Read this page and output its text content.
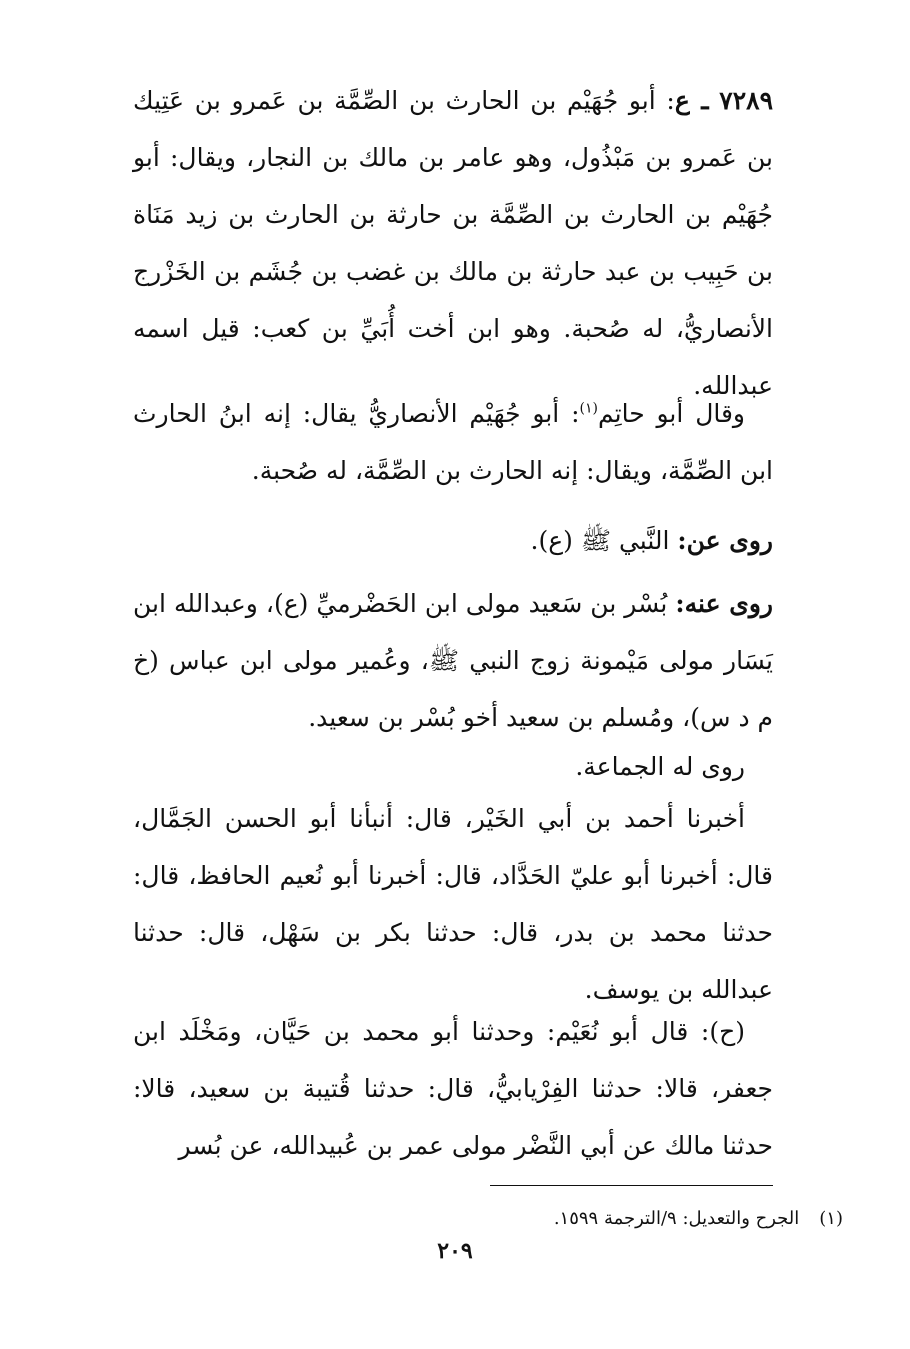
٧٢٨٩ ـ ع: أبو جُهَيْم بن الحارث بن الصِّمَّة بن عَمرو بن عَتِيك بن عَمرو بن مَبْذُول، وهو عامر بن مالك بن النجار، ويقال: أبو جُهَيْم بن الحارث بن الصِّمَّة بن حارثة بن الحارث بن زيد مَنَاة بن حَبِيب بن عبد حارثة بن مالك بن غضب بن جُشَم بن الخَزْرج الأنصاريُّ، له صُحبة. وهو ابن أخت أُبَيِّ بن كعب: قيل اسمه عبدالله.

وقال أبو حاتِم$^{(١)}$: أبو جُهَيْم الأنصاريُّ يقال: إنه ابنُ الحارث ابن الصِّمَّة، ويقال: إنه الحارث بن الصِّمَّة، له صُحبة.

روى عن: النَّبي ﷺ (ع).

روى عنه: بُسْر بن سَعيد مولى ابن الحَضْرميِّ (ع)، وعبدالله ابن يَسَار مولى مَيْمونة زوج النبي ﷺ، وعُمير مولى ابن عباس (خ م د س)، ومُسلم بن سعيد أخو بُسْر بن سعيد.

روى له الجماعة.

أخبرنا أحمد بن أبي الخَيْر، قال: أنبأنا أبو الحسن الجَمَّال، قال: أخبرنا أبو عليّ الحَدَّاد، قال: أخبرنا أبو نُعيم الحافظ، قال: حدثنا محمد بن بدر، قال: حدثنا بكر بن سَهْل، قال: حدثنا عبدالله بن يوسف.

(ح): قال أبو نُعَيْم: وحدثنا أبو محمد بن حَيَّان، ومَخْلَد ابن جعفر، قالا: حدثنا الفِرْيابيُّ، قال: حدثنا قُتيبة بن سعيد، قالا: حدثنا مالك عن أبي النَّضْر مولى عمر بن عُبيدالله، عن بُسر

(١)الجرح والتعديل: ٩/الترجمة ١٥٩٩.
٢٠٩
